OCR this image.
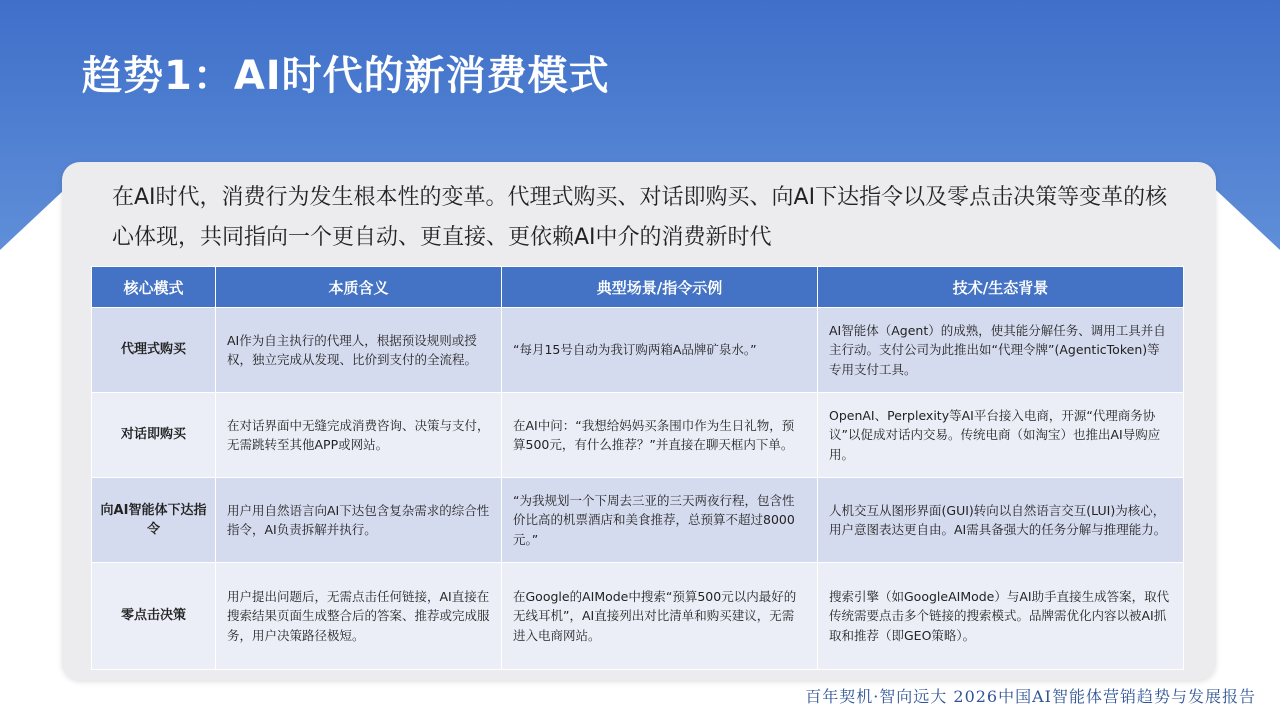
趋势1：AI时代的新消费模式
在AI时代，消费行为发生根本性的变革。代理式购买、对话即购买、向AI下达指令以及零点击决策等变革的核心体现，共同指向一个更自动、更直接、更依赖AI中介的消费新时代
核心模式	本质含义	典型场景/指令示例	技术/生态背景
代理式购买	AI作为自主执行的代理人，根据预设规则或授权，独立完成从发现、比价到支付的全流程。	“每月15号自动为我订购两箱A品牌矿泉水。”	AI智能体（Agent）的成熟，使其能分解任务、调用工具并自主行动。支付公司为此推出如“代理令牌”(AgenticToken)等专用支付工具。
对话即购买	在对话界面中无缝完成消费咨询、决策与支付，无需跳转至其他APP或网站。	在AI中问：“我想给妈妈买条围巾作为生日礼物，预算500元，有什么推荐？”并直接在聊天框内下单。	OpenAI、Perplexity等AI平台接入电商，开源“代理商务协议”以促成对话内交易。传统电商（如淘宝）也推出AI导购应用。
向AI智能体下达指令	用户用自然语言向AI下达包含复杂需求的综合性指令，AI负责拆解并执行。	“为我规划一个下周去三亚的三天两夜行程，包含性价比高的机票酒店和美食推荐，总预算不超过8000元。”	人机交互从图形界面(GUI)转向以自然语言交互(LUI)为核心，用户意图表达更自由。AI需具备强大的任务分解与推理能力。
零点击决策	用户提出问题后，无需点击任何链接，AI直接在搜索结果页面生成整合后的答案、推荐或完成服务，用户决策路径极短。	在Google的AIMode中搜索“预算500元以内最好的无线耳机”，AI直接列出对比清单和购买建议，无需进入电商网站。	搜索引擎（如GoogleAIMode）与AI助手直接生成答案，取代传统需要点击多个链接的搜索模式。品牌需优化内容以被AI抓取和推荐（即GEO策略）。
百年契机·智向远大 2026中国AI智能体营销趋势与发展报告
